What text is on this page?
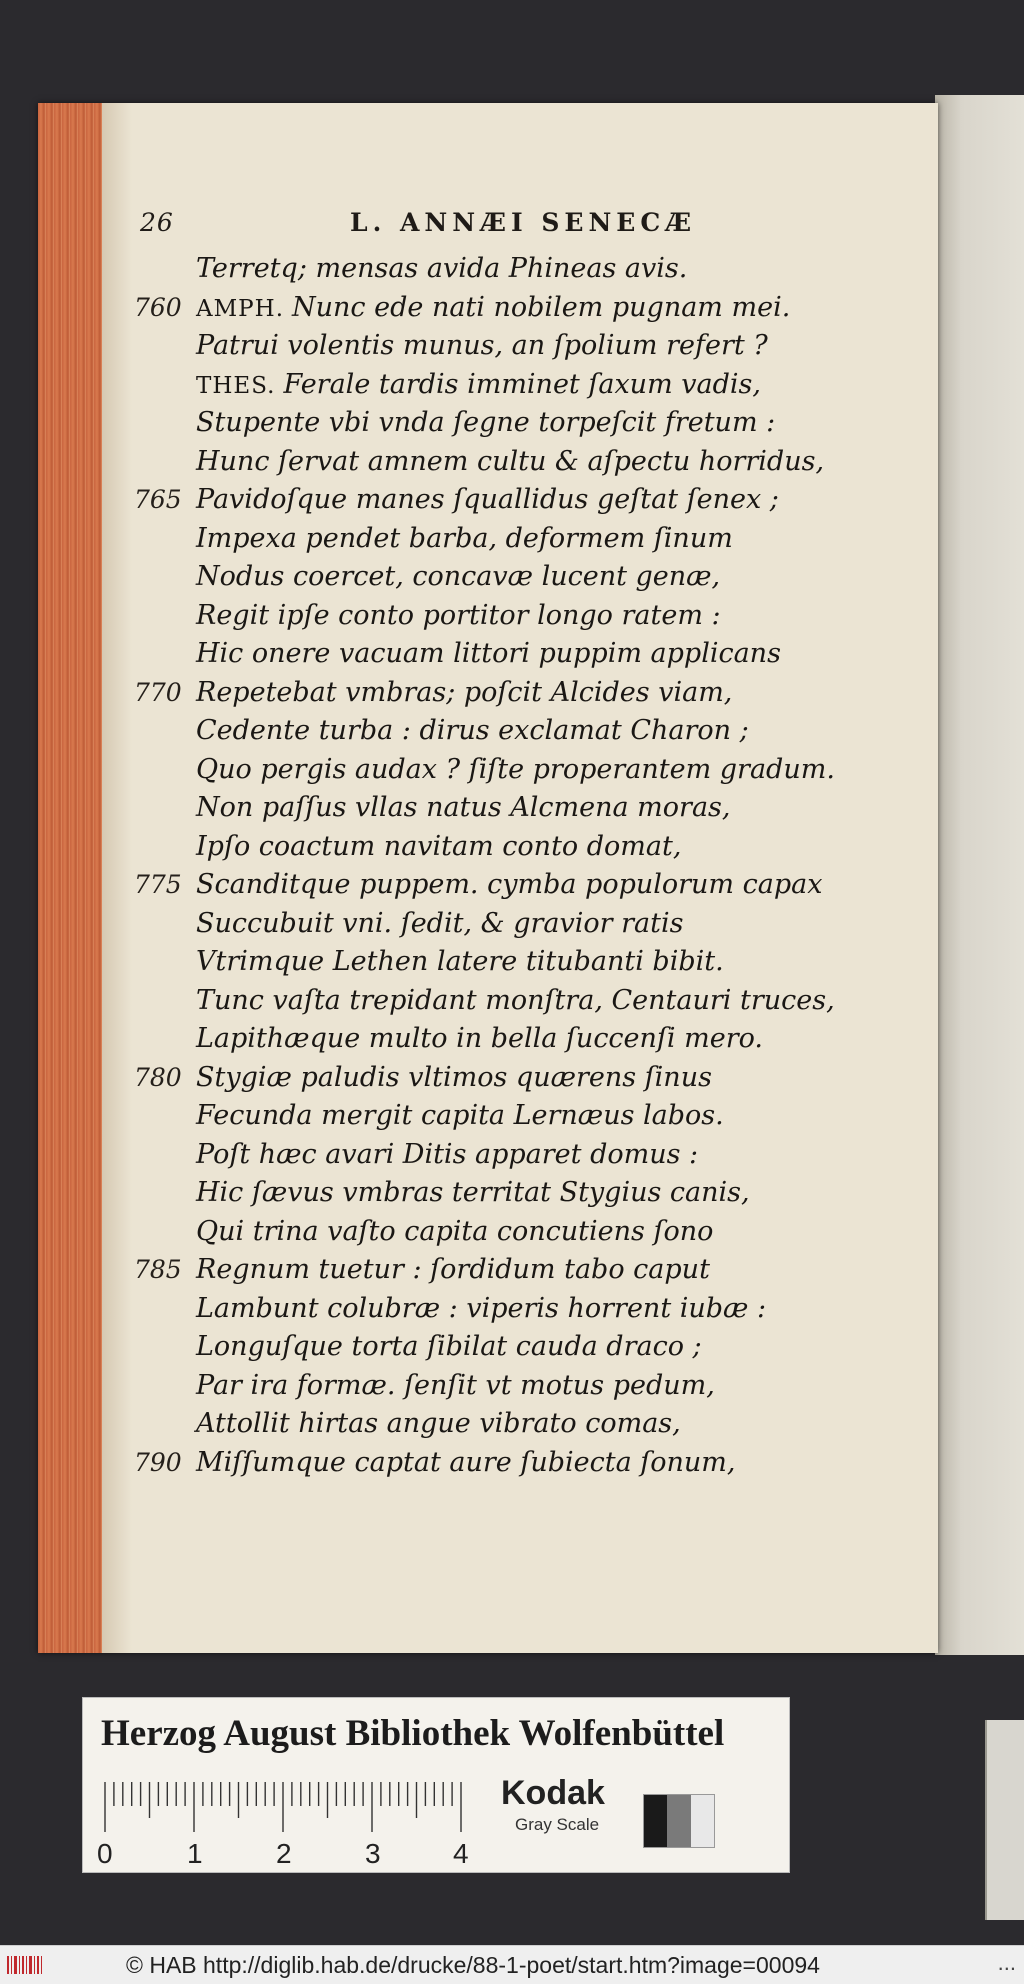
26	L. ANNÆI SENECÆ
Terretq; mensas avida Phineas avis.
760 AMPH. Nunc ede nati nobilem pugnam mei.
Patrui volentis munus, an ſpolium refert ?
THES. Ferale tardis imminet ſaxum vadis,
Stupente vbi vnda ſegne torpeſcit fretum :
Hunc ſervat amnem cultu & aſpectu horridus,
765 Pavidoſque manes ſquallidus geſtat ſenex ;
Impexa pendet barba, deformem ſinum
Nodus coercet, concavæ lucent genæ,
Regit ipſe conto portitor longo ratem :
Hic onere vacuam littori puppim applicans
770 Repetebat vmbras; poſcit Alcides viam,
Cedente turba : dirus exclamat Charon ;
Quo pergis audax ? ſiſte properantem gradum.
Non paſſus vllas natus Alcmena moras,
Ipſo coactum navitam conto domat,
775 Scanditque puppem. cymba populorum capax
Succubuit vni. ſedit, & gravior ratis
Vtrimque Lethen latere titubanti bibit.
Tunc vaſta trepidant monſtra, Centauri truces,
Lapithæque multo in bella ſuccenſi mero.
780 Stygiæ paludis vltimos quærens ſinus
Fecunda mergit capita Lernæus labos.
Poſt hæc avari Ditis apparet domus :
Hic ſævus vmbras territat Stygius canis,
Qui trina vaſto capita concutiens ſono
785 Regnum tuetur : ſordidum tabo caput
Lambunt colubræ : viperis horrent iubæ :
Longuſque torta ſibilat cauda draco ;
Par ira formæ. ſenſit vt motus pedum,
Attollit hirtas angue vibrato comas,
790 Miſſumque captat aure ſubiecta ſonum,
Herzog August Bibliothek Wolfenbüttel
0	1	2	3	4
Kodak
Gray Scale
© HAB http://diglib.hab.de/drucke/88-1-poet/start.htm?image=00094	...
